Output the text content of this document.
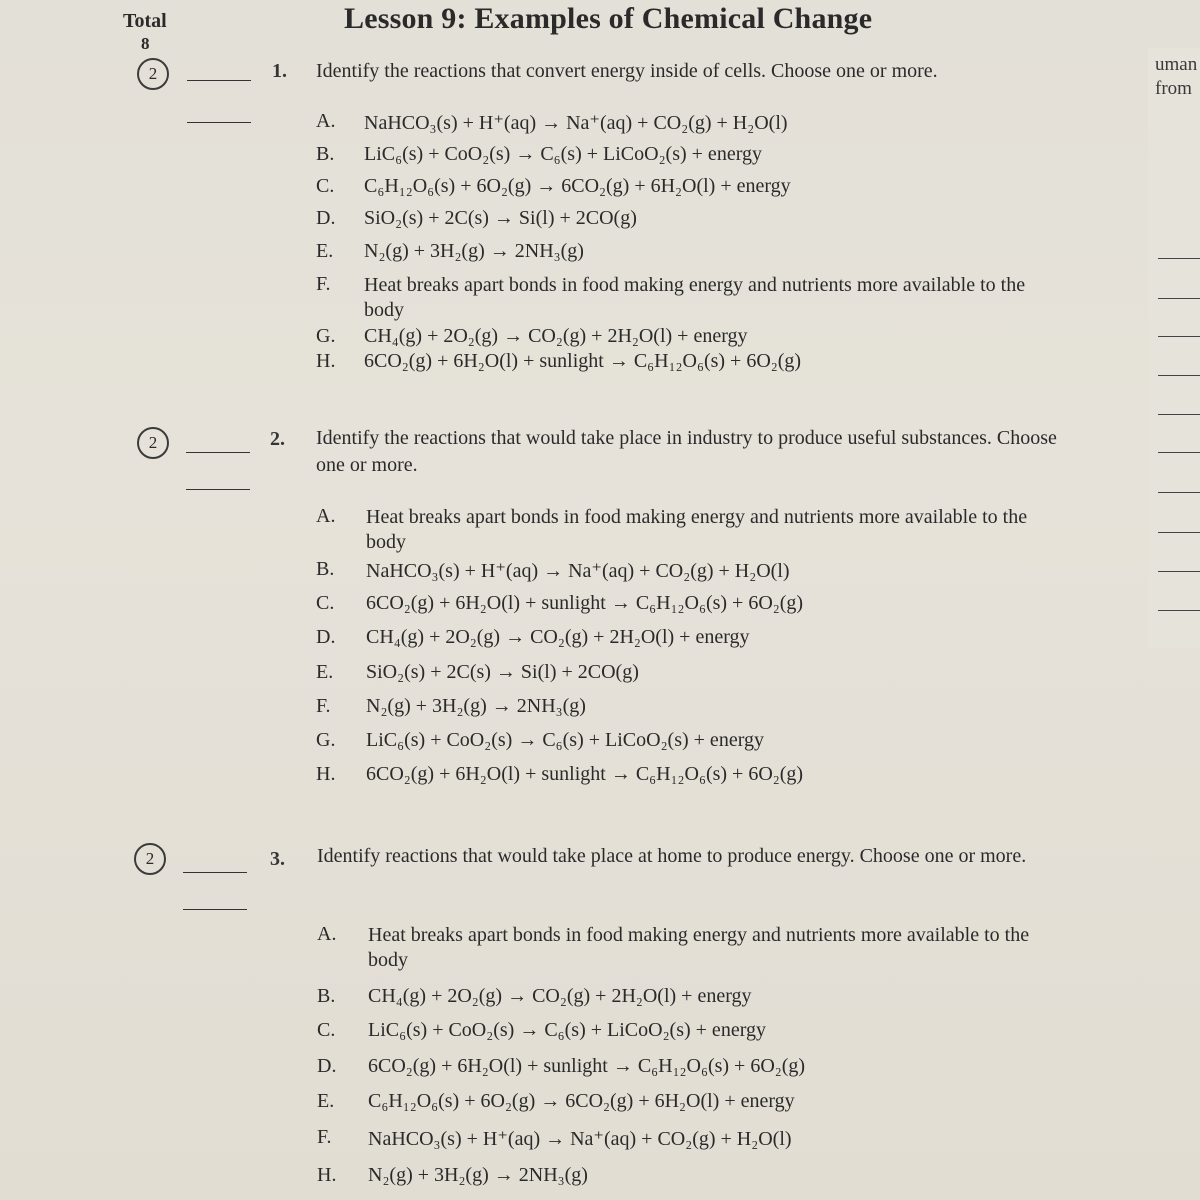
uman
from
Total
8
Lesson 9: Examples of Chemical Change
2	1. Identify the reactions that convert energy inside of cells. Choose one or more.
A. NaHCO₃(s) + H⁺(aq) → Na⁺(aq) + CO₂(g) + H₂O(l)
B. LiC₆(s) + CoO₂(s) → C₆(s) + LiCoO₂(s) + energy
C. C₆H₁₂O₆(s) + 6O₂(g) → 6CO₂(g) + 6H₂O(l) + energy
D. SiO₂(s) + 2C(s) → Si(l) + 2CO(g)
E. N₂(g) + 3H₂(g) → 2NH₃(g)
F. Heat breaks apart bonds in food making energy and nutrients more available to the body
G. CH₄(g) + 2O₂(g) → CO₂(g) + 2H₂O(l) + energy
H. 6CO₂(g) + 6H₂O(l) + sunlight → C₆H₁₂O₆(s) + 6O₂(g)
2	2. Identify the reactions that would take place in industry to produce useful substances. Choose one or more.
A. Heat breaks apart bonds in food making energy and nutrients more available to the body
B. NaHCO₃(s) + H⁺(aq) → Na⁺(aq) + CO₂(g) + H₂O(l)
C. 6CO₂(g) + 6H₂O(l) + sunlight → C₆H₁₂O₆(s) + 6O₂(g)
D. CH₄(g) + 2O₂(g) → CO₂(g) + 2H₂O(l) + energy
E. SiO₂(s) + 2C(s) → Si(l) + 2CO(g)
F. N₂(g) + 3H₂(g) → 2NH₃(g)
G. LiC₆(s) + CoO₂(s) → C₆(s) + LiCoO₂(s) + energy
H. 6CO₂(g) + 6H₂O(l) + sunlight → C₆H₁₂O₆(s) + 6O₂(g)
2	3. Identify reactions that would take place at home to produce energy. Choose one or more.
A. Heat breaks apart bonds in food making energy and nutrients more available to the body
B. CH₄(g) + 2O₂(g) → CO₂(g) + 2H₂O(l) + energy
C. LiC₆(s) + CoO₂(s) → C₆(s) + LiCoO₂(s) + energy
D. 6CO₂(g) + 6H₂O(l) + sunlight → C₆H₁₂O₆(s) + 6O₂(g)
E. C₆H₁₂O₆(s) + 6O₂(g) → 6CO₂(g) + 6H₂O(l) + energy
F. NaHCO₃(s) + H⁺(aq) → Na⁺(aq) + CO₂(g) + H₂O(l)
H. N₂(g) + 3H₂(g) → 2NH₃(g)
